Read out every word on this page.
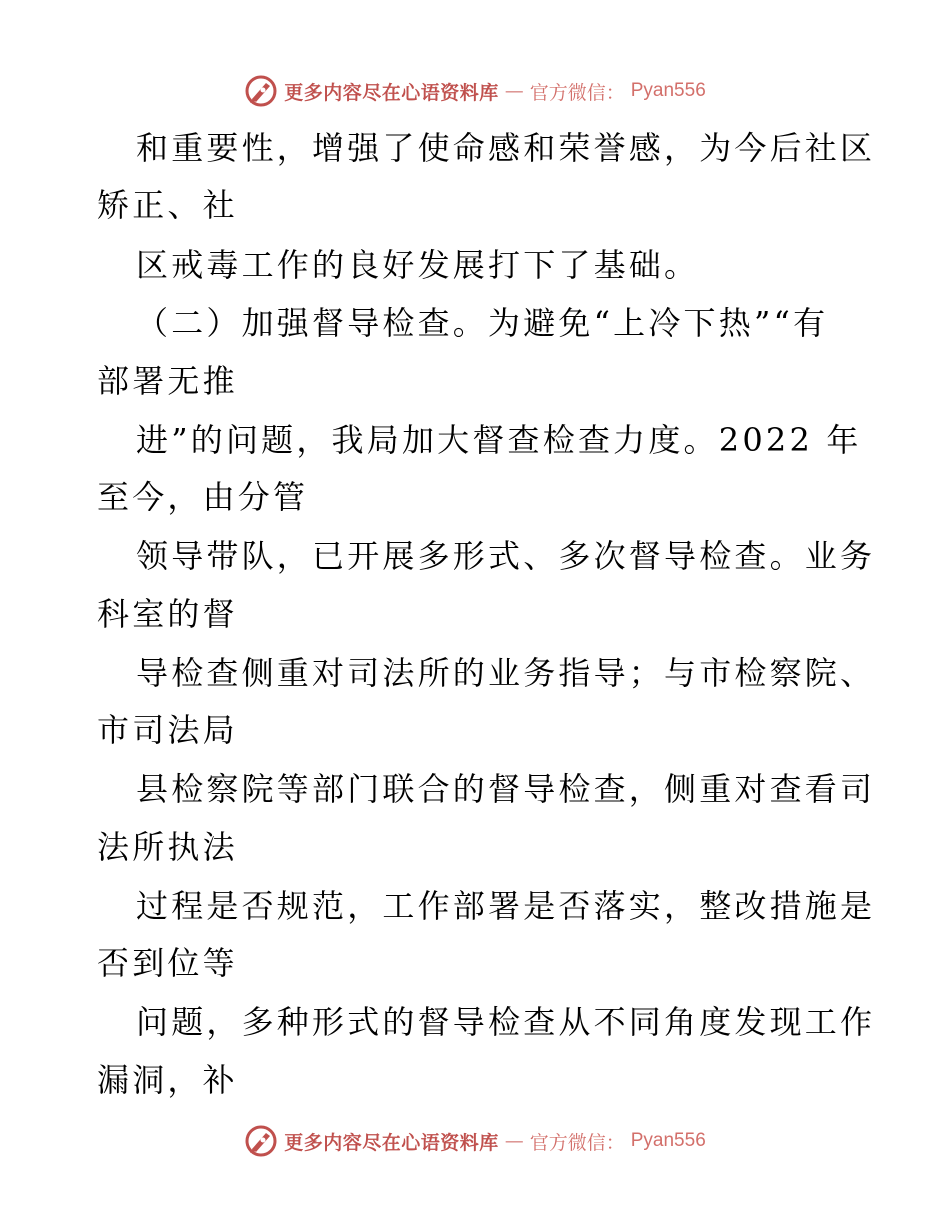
更多内容尽在心语资料库 — 官方微信： Pyan556
和重要性，增强了使命感和荣誉感，为今后社区
矫正、社
区戒毒工作的良好发展打下了基础。
（二）加强督导检查。为避免“上冷下热”“有
部署无推
进”的问题，我局加大督查检查力度。2022 年
至今，由分管
领导带队，已开展多形式、多次督导检查。业务
科室的督
导检查侧重对司法所的业务指导；与市检察院、
市司法局
县检察院等部门联合的督导检查，侧重对查看司
法所执法
过程是否规范，工作部署是否落实，整改措施是
否到位等
问题，多种形式的督导检查从不同角度发现工作
漏洞，补
更多内容尽在心语资料库 — 官方微信： Pyan556
